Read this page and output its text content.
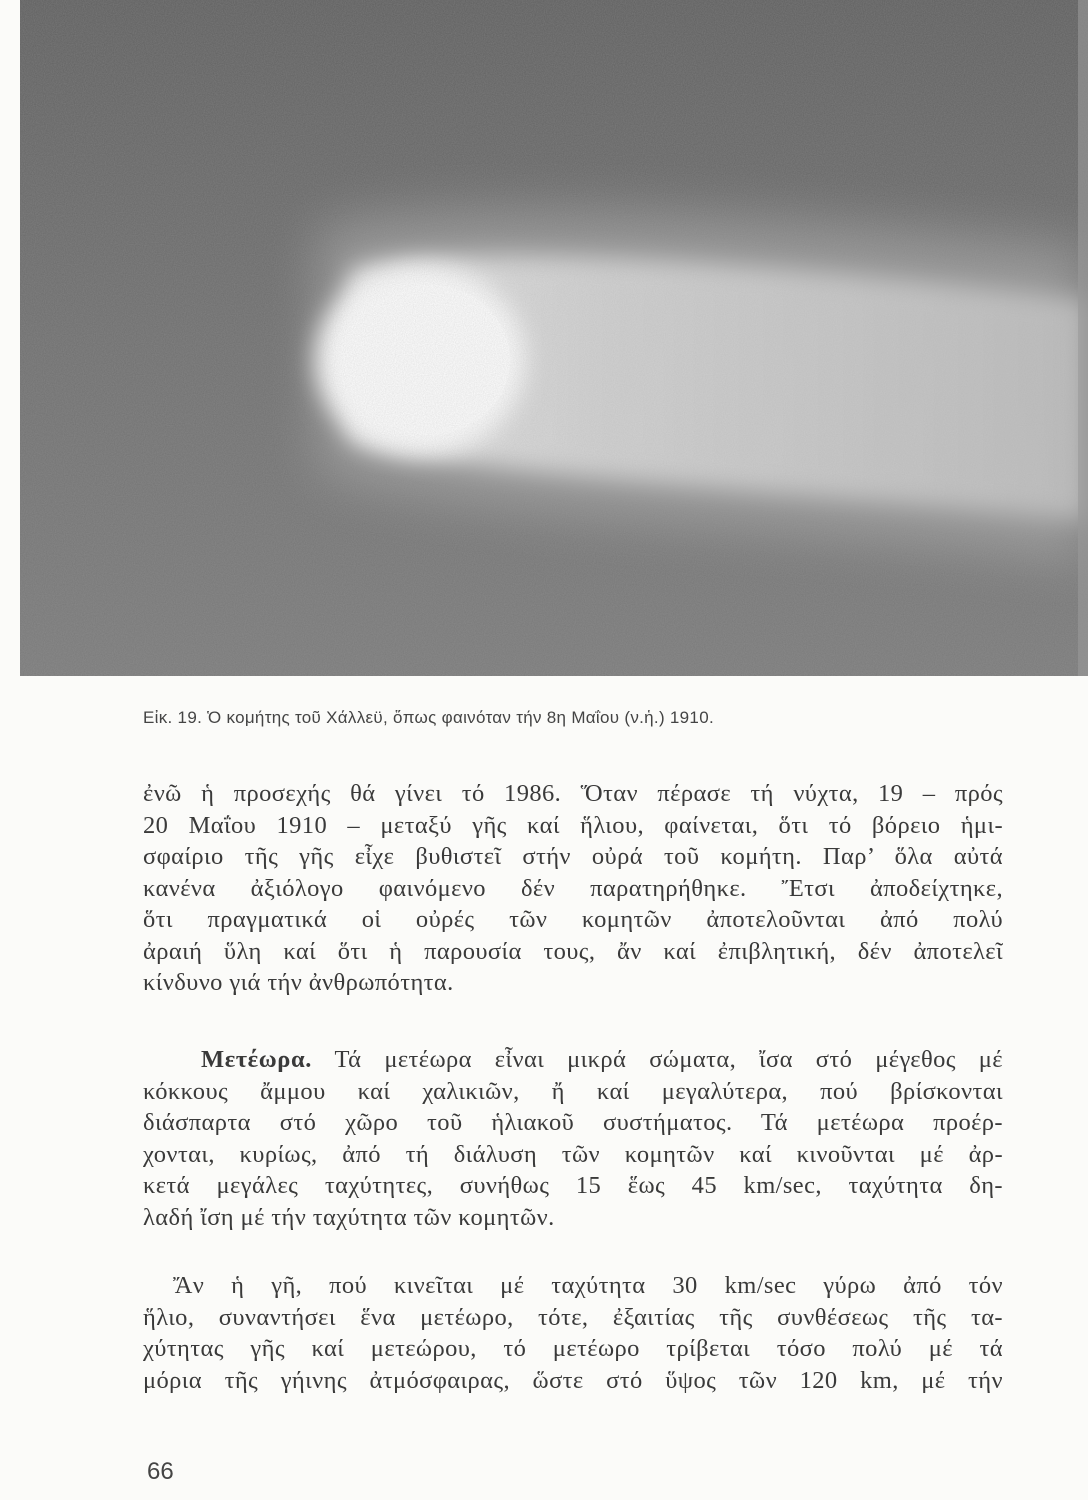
Εἰκ. 19. Ὁ κομήτης τοῦ Χάλλεϋ, ὅπως φαινόταν τήν 8η Μαΐου (ν.ἡ.) 1910.
ἐνῶ ἡ προσεχής θά γίνει τό 1986. Ὅταν πέρασε τή νύχτα, 19 – πρός
20 Μαΐου 1910 – μεταξύ γῆς καί ἥλιου, φαίνεται, ὅτι τό βόρειο ἡμι-
σφαίριο τῆς γῆς εἶχε βυθιστεῖ στήν οὐρά τοῦ κομήτη. Παρ’ ὅλα αὐτά
κανένα ἀξιόλογο φαινόμενο δέν παρατηρήθηκε. Ἔτσι ἀποδείχτηκε,
ὅτι πραγματικά οἱ οὐρές τῶν κομητῶν ἀποτελοῦνται ἀπό πολύ
ἀραιή ὕλη καί ὅτι ἡ παρουσία τους, ἄν καί ἐπιβλητική, δέν ἀποτελεῖ
κίνδυνο γιά τήν ἀνθρωπότητα.
Μετέωρα. Τά μετέωρα εἶναι μικρά σώματα, ἴσα στό μέγεθος μέ
κόκκους ἄμμου καί χαλικιῶν, ἤ καί μεγαλύτερα, πού βρίσκονται
διάσπαρτα στό χῶρο τοῦ ἡλιακοῦ συστήματος. Τά μετέωρα προέρ-
χονται, κυρίως, ἀπό τή διάλυση τῶν κομητῶν καί κινοῦνται μέ ἀρ-
κετά μεγάλες ταχύτητες, συνήθως 15 ἕως 45 km/sec, ταχύτητα δη-
λαδή ἴση μέ τήν ταχύτητα τῶν κομητῶν.
Ἄν ἡ γῆ, πού κινεῖται μέ ταχύτητα 30 km/sec γύρω ἀπό τόν
ἥλιο, συναντήσει ἕνα μετέωρο, τότε, ἐξαιτίας τῆς συνθέσεως τῆς τα-
χύτητας γῆς καί μετεώρου, τό μετέωρο τρίβεται τόσο πολύ μέ τά
μόρια τῆς γήινης ἀτμόσφαιρας, ὥστε στό ὕψος τῶν 120 km, μέ τήν
66
